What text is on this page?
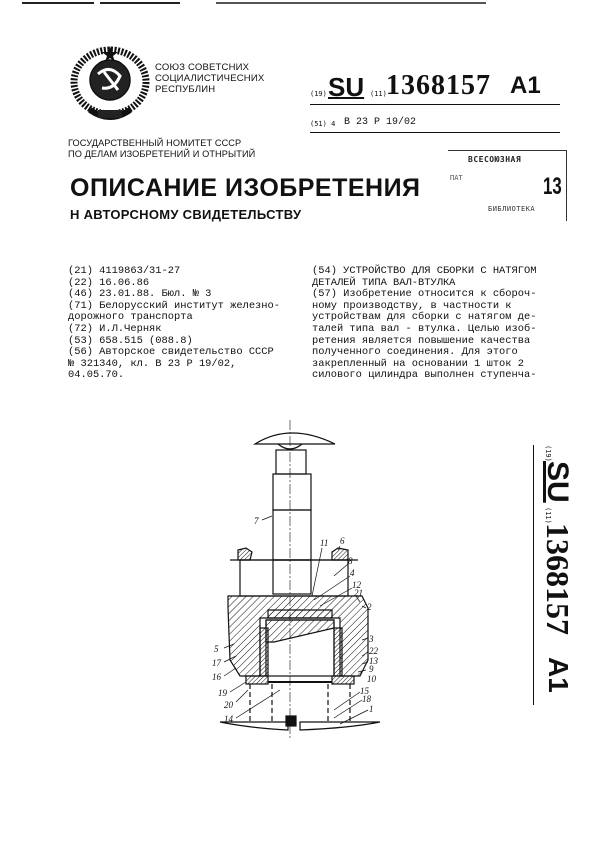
СОЮЗ СОВЕТСНИХ
СОЦИАЛИСТИЧЕСНИХ
РЕСПУБЛИН	(19) SU (11) 1368157 A1
(51) 4 В 23 Р 19/02
ГОСУДАРСТВЕННЫЙ НОМИТЕТ СССР
ПО ДЕЛАМ ИЗОБРЕТЕНИЙ И ОТНРЫТИЙ
ВСЕСОЮЗНАЯ
ПАТ	13
БИБЛИОТЕКА
ОПИСАНИЕ ИЗОБРЕТЕНИЯ
Н АВТОРСНОМУ СВИДЕТЕЛЬСТВУ
(21) 4119863/31-27
(22) 16.06.86
(46) 23.01.88. Бюл. № 3
(71) Белорусский институт железно-
дорожного транспорта
(72) И.Л.Черняк
(53) 658.515 (088.8)
(56) Авторское свидетельство СССР
№ 321340, кл. В 23 Р 19/02,
04.05.70.
(54) УСТРОЙСТВО ДЛЯ СБОРКИ С НАТЯГОМ
ДЕТАЛЕЙ ТИПА ВАЛ-ВТУЛКА
(57) Изобретение относится к сбороч-
ному производству, в частности к
устройствам для сборки с натягом де-
талей типа вал - втулка. Целью изоб-
ретения является повышение качества
полученного соединения. Для этого
закрепленный на основании 1 шток 2
силового цилиндра выполнен ступенча-
(19)
SU
(11)
1368157
A1
7
11 6
8
4
12
21
2
5
3
17
22
13
16
9
10
19
20
14
15
18
1
